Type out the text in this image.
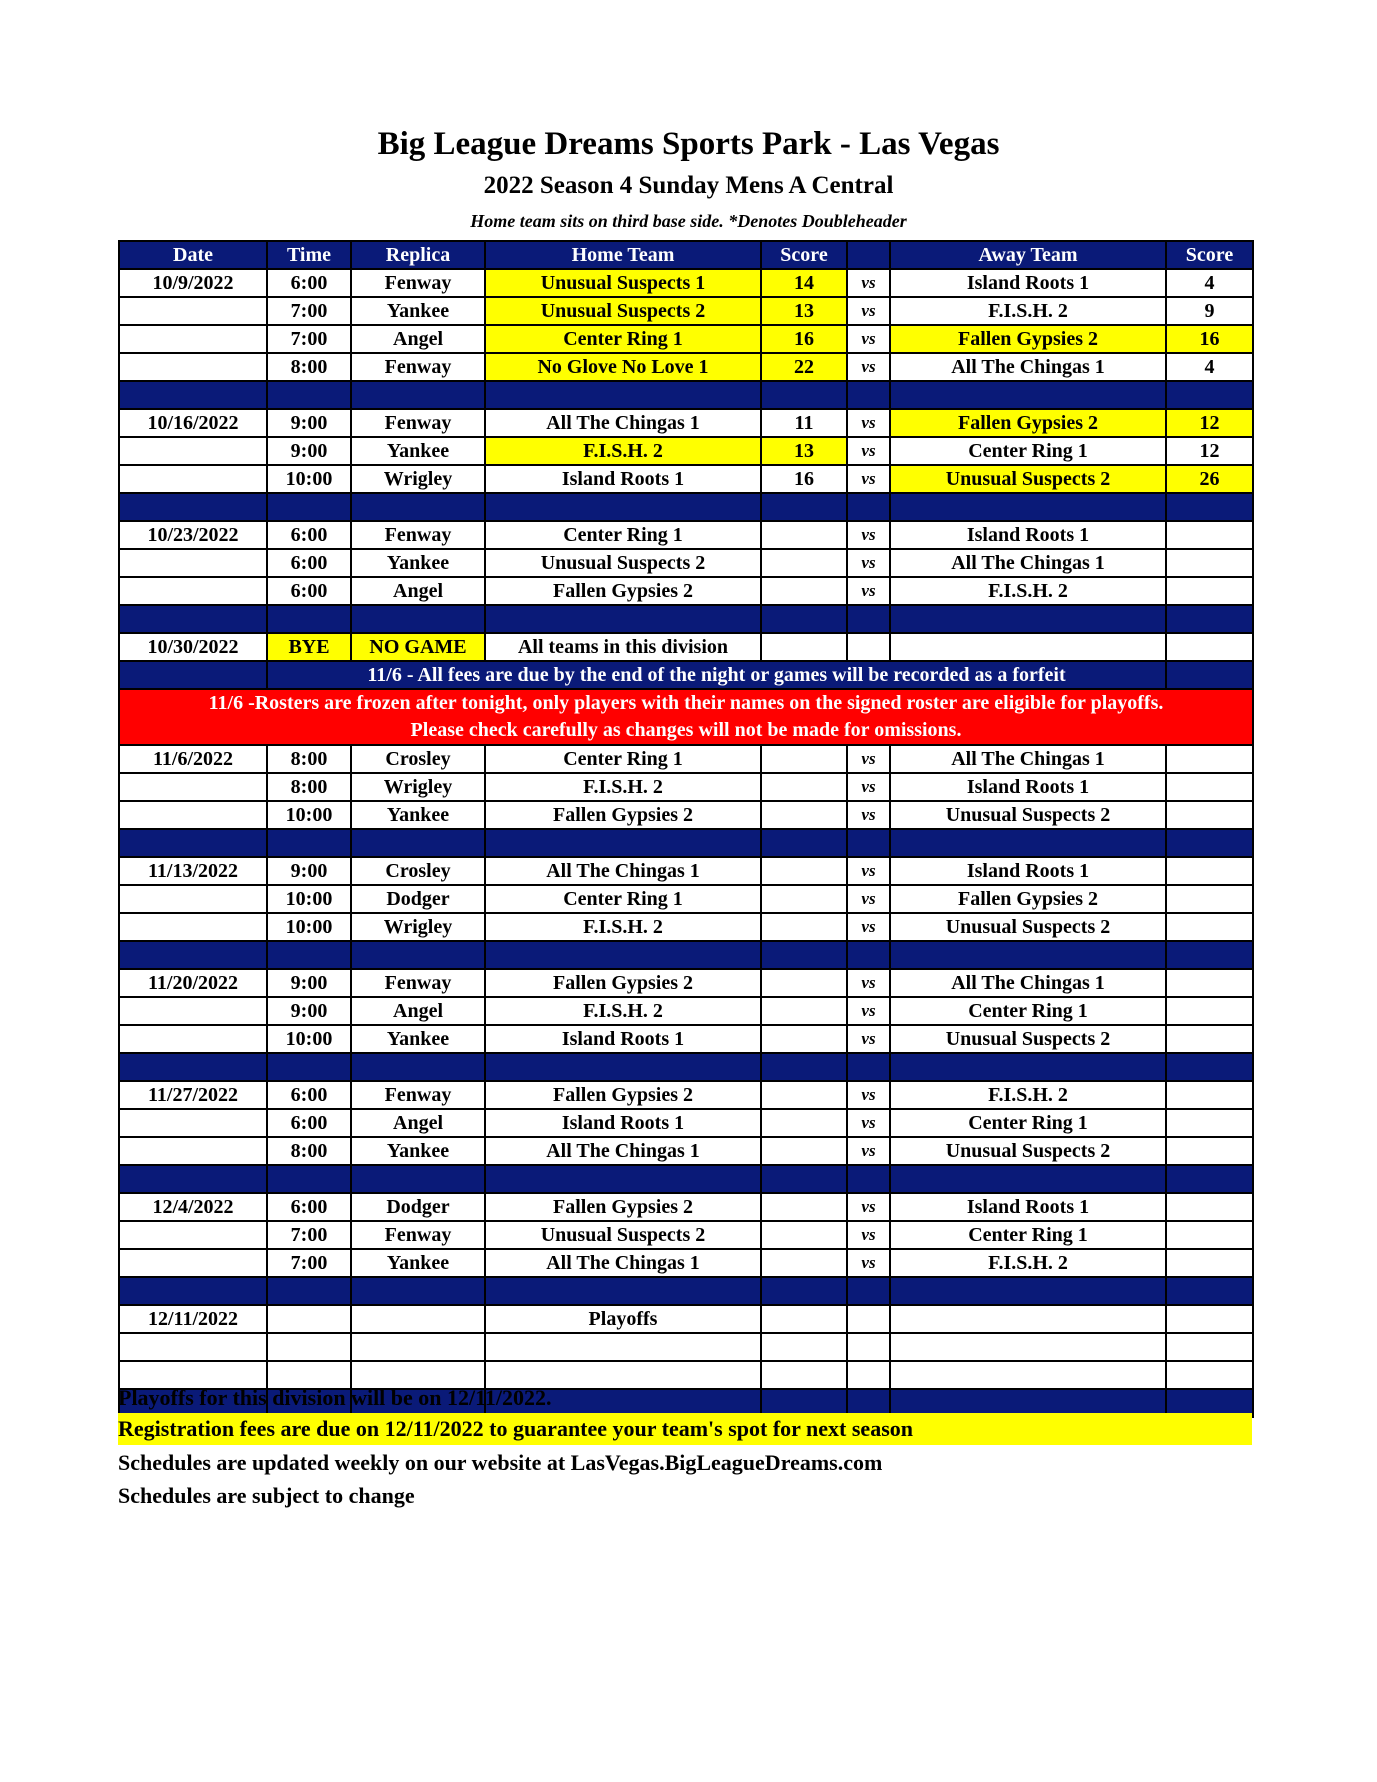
Big League Dreams Sports Park - Las Vegas
2022 Season 4 Sunday Mens A Central
Home team sits on third base side. *Denotes Doubleheader
Date	Time	Replica	Home Team	Score		Away Team	Score
10/9/2022	6:00	Fenway	Unusual Suspects 1	14	vs	Island Roots 1	4
	7:00	Yankee	Unusual Suspects 2	13	vs	F.I.S.H. 2	9
	7:00	Angel	Center Ring 1	16	vs	Fallen Gypsies 2	16
	8:00	Fenway	No Glove No Love 1	22	vs	All The Chingas 1	4

10/16/2022	9:00	Fenway	All The Chingas 1	11	vs	Fallen Gypsies 2	12
	9:00	Yankee	F.I.S.H. 2	13	vs	Center Ring 1	12
	10:00	Wrigley	Island Roots 1	16	vs	Unusual Suspects 2	26

10/23/2022	6:00	Fenway	Center Ring 1		vs	Island Roots 1	
	6:00	Yankee	Unusual Suspects 2		vs	All The Chingas 1	
	6:00	Angel	Fallen Gypsies 2		vs	F.I.S.H. 2	

10/30/2022	BYE	NO GAME	All teams in this division				
	11/6 - All fees are due by the end of the night or games will be recorded as a forfeit						

11/6 -Rosters are frozen after tonight, only players with their names on the signed roster are eligible for playoffs.
Please check carefully as changes will not be made for omissions.							

11/6/2022	8:00	Crosley	Center Ring 1		vs	All The Chingas 1	
	8:00	Wrigley	F.I.S.H. 2		vs	Island Roots 1	
	10:00	Yankee	Fallen Gypsies 2		vs	Unusual Suspects 2	

11/13/2022	9:00	Crosley	All The Chingas 1		vs	Island Roots 1	
	10:00	Dodger	Center Ring 1		vs	Fallen Gypsies 2	
	10:00	Wrigley	F.I.S.H. 2		vs	Unusual Suspects 2	

11/20/2022	9:00	Fenway	Fallen Gypsies 2		vs	All The Chingas 1	
	9:00	Angel	F.I.S.H. 2		vs	Center Ring 1	
	10:00	Yankee	Island Roots 1		vs	Unusual Suspects 2	

11/27/2022	6:00	Fenway	Fallen Gypsies 2		vs	F.I.S.H. 2	
	6:00	Angel	Island Roots 1		vs	Center Ring 1	
	8:00	Yankee	All The Chingas 1		vs	Unusual Suspects 2	

12/4/2022	6:00	Dodger	Fallen Gypsies 2		vs	Island Roots 1	
	7:00	Fenway	Unusual Suspects 2		vs	Center Ring 1	
	7:00	Yankee	All The Chingas 1		vs	F.I.S.H. 2	

12/11/2022			Playoffs				

Playoffs for this division will be on 12/11/2022.
Registration fees are due on 12/11/2022 to guarantee your team's spot for next season
Schedules are updated weekly on our website at LasVegas.BigLeagueDreams.com
Schedules are subject to change
